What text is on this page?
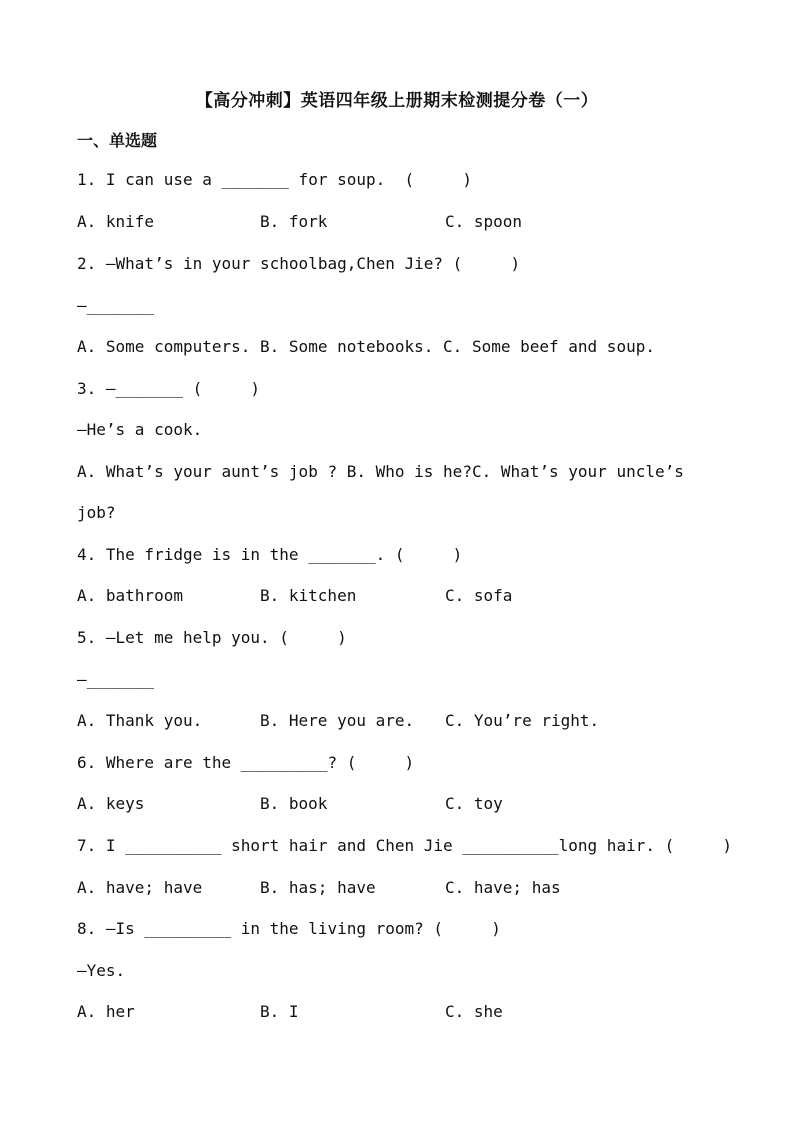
【高分冲刺】英语四年级上册期末检测提分卷（一）
一、单选题
1. I can use a _______ for soup.  (     )

A. knife

	B. fork

	C. spoon

2. —What’s in your schoolbag,Chen Jie? (     )
—_______
A. Some computers. B. Some notebooks. C. Some beef and soup.
3. —_______ (     )
—He’s a cook.
A. What’s your aunt’s job ? B. Who is he?C. What’s your uncle’s
job?
4. The fridge is in the _______. (     )

A. bathroom

	B. kitchen

	C. sofa

5. —Let me help you. (     )
—_______

A. Thank you.

	B. Here you are.

C. You’re right.

6. Where are the _________? (     )

A. keys

	B. book

	C. toy

7. I __________ short hair and Chen Jie __________long hair. (     )

A. have; have

	B. has; have

	C. have; has

8. —Is _________ in the living room? (     )
—Yes.

A. her

	B. I

	C. she
